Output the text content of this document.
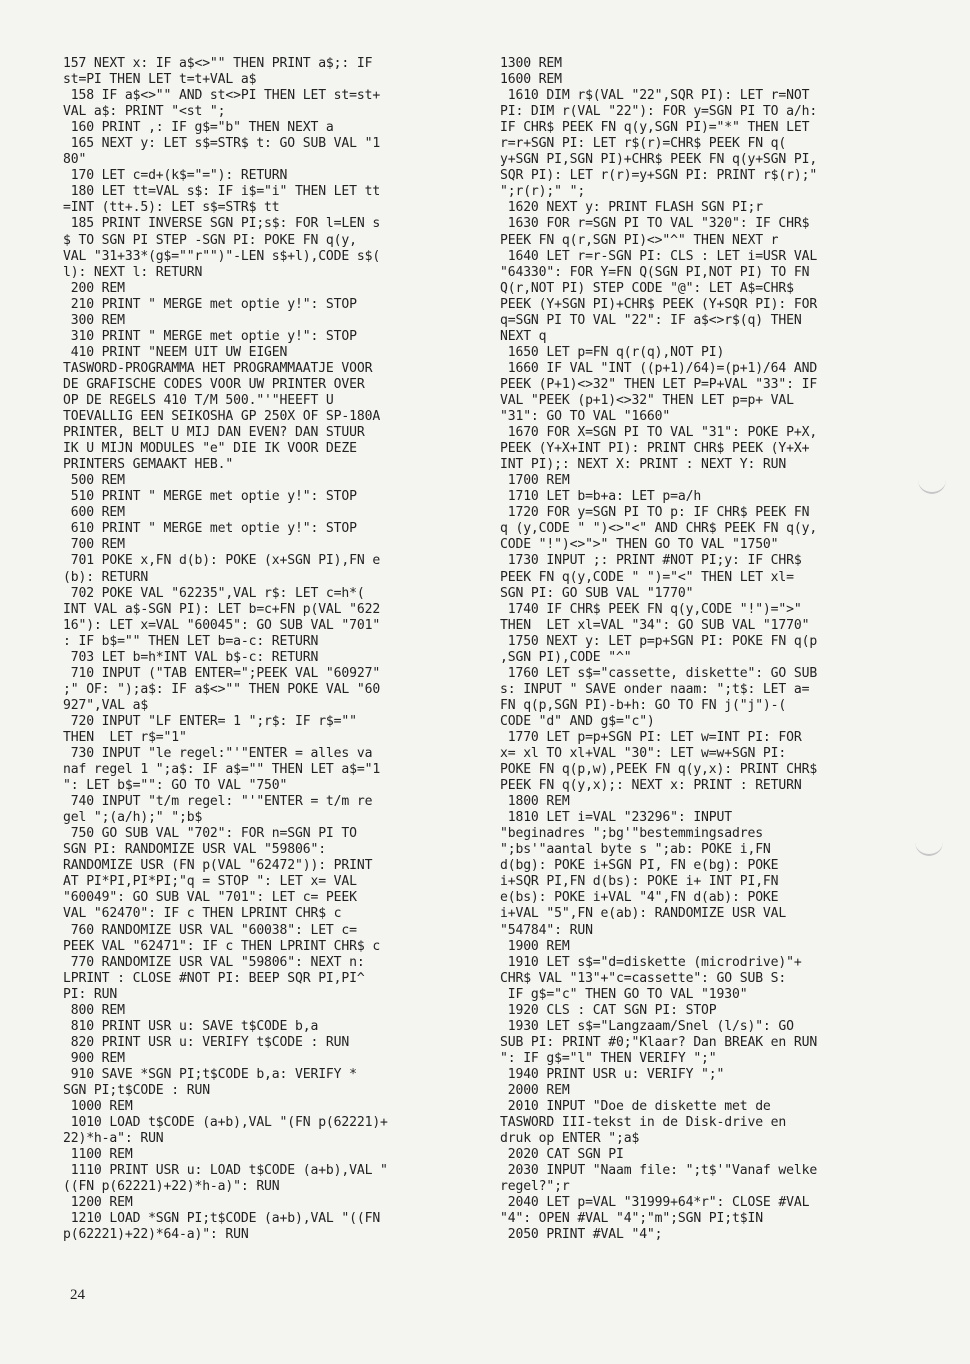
157 NEXT x: IF a$<>"" THEN PRINT a$;: IF
st=PI THEN LET t=t+VAL a$
158 IF a$<>"" AND st<>PI THEN LET st=st+
VAL a$: PRINT "<st ";
160 PRINT ,: IF g$="b" THEN NEXT a
165 NEXT y: LET s$=STR$ t: GO SUB VAL "1
80"
170 LET c=d+(k$="="): RETURN
180 LET tt=VAL s$: IF i$="i" THEN LET tt
=INT (tt+.5): LET s$=STR$ tt
185 PRINT INVERSE SGN PI;s$: FOR l=LEN s
$ TO SGN PI STEP -SGN PI: POKE FN q(y,
VAL "31+33*(g$=""r"")"-LEN s$+l),CODE s$(
l): NEXT l: RETURN
200 REM
210 PRINT " MERGE met optie y!": STOP
300 REM
310 PRINT " MERGE met optie y!": STOP
410 PRINT "NEEM UIT UW EIGEN
TASWORD-PROGRAMMA HET PROGRAMMAATJE VOOR
DE GRAFISCHE CODES VOOR UW PRINTER OVER
OP DE REGELS 410 T/M 500."'"HEEFT U
TOEVALLIG EEN SEIKOSHA GP 250X OF SP-180A
PRINTER, BELT U MIJ DAN EVEN? DAN STUUR
IK U MIJN MODULES "e" DIE IK VOOR DEZE
PRINTERS GEMAAKT HEB."
500 REM
510 PRINT " MERGE met optie y!": STOP
600 REM
610 PRINT " MERGE met optie y!": STOP
700 REM
701 POKE x,FN d(b): POKE (x+SGN PI),FN e
(b): RETURN
702 POKE VAL "62235",VAL r$: LET c=h*(
INT VAL a$-SGN PI): LET b=c+FN p(VAL "622
16"): LET x=VAL "60045": GO SUB VAL "701"
: IF b$="" THEN LET b=a-c: RETURN
703 LET b=h*INT VAL b$-c: RETURN
710 INPUT ("TAB ENTER=";PEEK VAL "60927"
;" OF: ");a$: IF a$<>"" THEN POKE VAL "60
927",VAL a$
720 INPUT "LF ENTER= 1 ";r$: IF r$=""
THEN  LET r$="1"
730 INPUT "le regel:"'"ENTER = alles va
naf regel 1 ";a$: IF a$="" THEN LET a$="1
": LET b$="": GO TO VAL "750"
740 INPUT "t/m regel: "'"ENTER = t/m re
gel ";(a/h);" ";b$
750 GO SUB VAL "702": FOR n=SGN PI TO
SGN PI: RANDOMIZE USR VAL "59806":
RANDOMIZE USR (FN p(VAL "62472")): PRINT
AT PI*PI,PI*PI;"q = STOP ": LET x= VAL
"60049": GO SUB VAL "701": LET c= PEEK
VAL "62470": IF c THEN LPRINT CHR$ c
760 RANDOMIZE USR VAL "60038": LET c=
PEEK VAL "62471": IF c THEN LPRINT CHR$ c
770 RANDOMIZE USR VAL "59806": NEXT n:
LPRINT : CLOSE #NOT PI: BEEP SQR PI,PI^
PI: RUN
800 REM
810 PRINT USR u: SAVE t$CODE b,a
820 PRINT USR u: VERIFY t$CODE : RUN
900 REM
910 SAVE *SGN PI;t$CODE b,a: VERIFY *
SGN PI;t$CODE : RUN
1000 REM
1010 LOAD t$CODE (a+b),VAL "(FN p(62221)+
22)*h-a": RUN
1100 REM
1110 PRINT USR u: LOAD t$CODE (a+b),VAL "
((FN p(62221)+22)*h-a)": RUN
1200 REM
1210 LOAD *SGN PI;t$CODE (a+b),VAL "((FN
p(62221)+22)*64-a)": RUN
1300 REM
1600 REM
1610 DIM r$(VAL "22",SQR PI): LET r=NOT
PI: DIM r(VAL "22"): FOR y=SGN PI TO a/h:
IF CHR$ PEEK FN q(y,SGN PI)="*" THEN LET
r=r+SGN PI: LET r$(r)=CHR$ PEEK FN q(
y+SGN PI,SGN PI)+CHR$ PEEK FN q(y+SGN PI,
SQR PI): LET r(r)=y+SGN PI: PRINT r$(r);"
";r(r);" ";
1620 NEXT y: PRINT FLASH SGN PI;r
1630 FOR r=SGN PI TO VAL "320": IF CHR$
PEEK FN q(r,SGN PI)<>"^" THEN NEXT r
1640 LET r=r-SGN PI: CLS : LET i=USR VAL
"64330": FOR Y=FN Q(SGN PI,NOT PI) TO FN
Q(r,NOT PI) STEP CODE "@": LET A$=CHR$
PEEK (Y+SGN PI)+CHR$ PEEK (Y+SQR PI): FOR
q=SGN PI TO VAL "22": IF a$<>r$(q) THEN
NEXT q
1650 LET p=FN q(r(q),NOT PI)
1660 IF VAL "INT ((p+1)/64)=(p+1)/64 AND
PEEK (P+1)<>32" THEN LET P=P+VAL "33": IF
VAL "PEEK (p+1)<>32" THEN LET p=p+ VAL
"31": GO TO VAL "1660"
1670 FOR X=SGN PI TO VAL "31": POKE P+X,
PEEK (Y+X+INT PI): PRINT CHR$ PEEK (Y+X+
INT PI);: NEXT X: PRINT : NEXT Y: RUN
1700 REM
1710 LET b=b+a: LET p=a/h
1720 FOR y=SGN PI TO p: IF CHR$ PEEK FN
q (y,CODE " ")<>"<" AND CHR$ PEEK FN q(y,
CODE "!")<>">" THEN GO TO VAL "1750"
1730 INPUT ;: PRINT #NOT PI;y: IF CHR$
PEEK FN q(y,CODE " ")="<" THEN LET xl=
SGN PI: GO SUB VAL "1770"
1740 IF CHR$ PEEK FN q(y,CODE "!")=">"
THEN  LET xl=VAL "34": GO SUB VAL "1770"
1750 NEXT y: LET p=p+SGN PI: POKE FN q(p
,SGN PI),CODE "^"
1760 LET s$="cassette, diskette": GO SUB
s: INPUT " SAVE onder naam: ";t$: LET a=
FN q(p,SGN PI)-b+h: GO TO FN j("j")-(
CODE "d" AND g$="c")
1770 LET p=p+SGN PI: LET w=INT PI: FOR
x= xl TO xl+VAL "30": LET w=w+SGN PI:
POKE FN q(p,w),PEEK FN q(y,x): PRINT CHR$
PEEK FN q(y,x);: NEXT x: PRINT : RETURN
1800 REM
1810 LET i=VAL "23296": INPUT
"beginadres ";bg'"bestemmingsadres
";bs'"aantal byte s ";ab: POKE i,FN
d(bg): POKE i+SGN PI, FN e(bg): POKE
i+SQR PI,FN d(bs): POKE i+ INT PI,FN
e(bs): POKE i+VAL "4",FN d(ab): POKE
i+VAL "5",FN e(ab): RANDOMIZE USR VAL
"54784": RUN
1900 REM
1910 LET s$="d=diskette (microdrive)"+
CHR$ VAL "13"+"c=cassette": GO SUB S:
IF g$="c" THEN GO TO VAL "1930"
1920 CLS : CAT SGN PI: STOP
1930 LET s$="Langzaam/Snel (l/s)": GO
SUB PI: PRINT #0;"Klaar? Dan BREAK en RUN
": IF g$="l" THEN VERIFY ";"
1940 PRINT USR u: VERIFY ";"
2000 REM
2010 INPUT "Doe de diskette met de
TASWORD III-tekst in de Disk-drive en
druk op ENTER ";a$
2020 CAT SGN PI
2030 INPUT "Naam file: ";t$'"Vanaf welke
regel?";r
2040 LET p=VAL "31999+64*r": CLOSE #VAL
"4": OPEN #VAL "4";"m";SGN PI;t$IN
2050 PRINT #VAL "4";
24
